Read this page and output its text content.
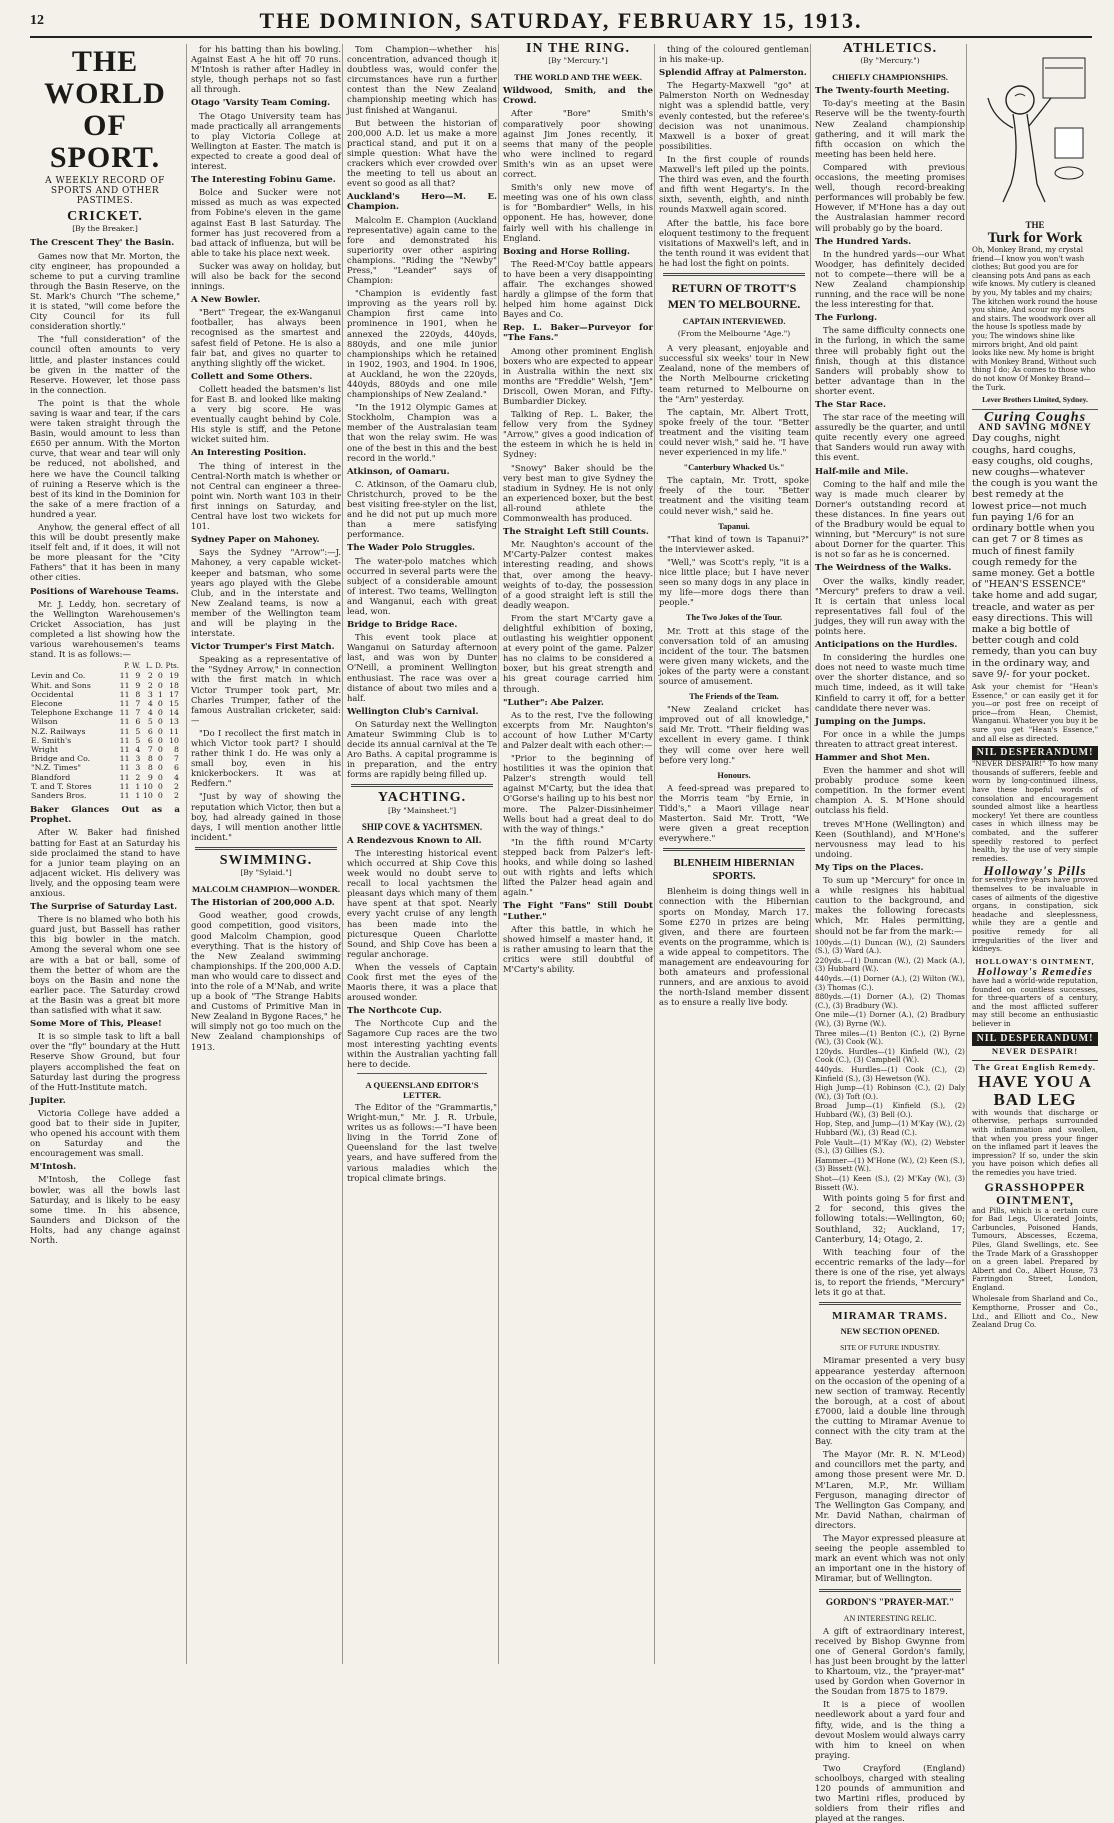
12	THE DOMINION, SATURDAY, FEBRUARY 15, 1913.
THE WORLD OF SPORT.
A WEEKLY RECORD OF SPORTS AND OTHER PASTIMES.
CRICKET.
[By the Breaker.]
The Crescent They' the Basin.

Games now that Mr. Morton, the city engineer, has propounded a scheme to put a curving tramline through the Basin Reserve, on the St. Mark's Church "The scheme," it is stated, "will come before the City Council for its full consideration shortly."

The "full consideration" of the council often amounts to very little, and plaster instances could be given in the matter of the Reserve. However, let those pass in the connection.

The point is that the whole saving is waar and tear, if the cars were taken straight through the Basin, would amount to less than £650 per annum. With the Morton curve, that wear and tear will only be reduced, not abolished, and here we have the Council talking of ruining a Reserve which is the best of its kind in the Dominion for the sake of a mere fraction of a hundred a year.

Anyhow, the general effect of all this will be doubt presently make itself felt and, if it does, it will not be more pleasant for the "City Fathers" that it has been in many other cities.

Positions of Warehouse Teams.

Mr. J. Leddy, hon. secretary of the Wellington Warehousemen's Cricket Association, has just completed a list showing how the various warehousemen's teams stand. It is as follows:—

	P.	W.	L.	D.	Pts.
Levin and Co.	11	9	2	0	19
Whit. and Sons	11	9	2	0	18
Occidental	11	8	3	1	17
Elecone	11	7	4	0	15
Telephone Exchange	11	7	4	0	14
Wilson	11	6	5	0	13
N.Z. Railways	11	5	6	0	11
E. Smith's	11	5	6	0	10
Wright	11	4	7	0	8
Bridge and Co.	11	3	8	0	7
"N.Z. Times"	11	3	8	0	6
Blandford	11	2	9	0	4
T. and T. Stores	11	1	10	0	2
Sanders Bros.	11	1	10	0	2
Baker Glances Out as a Prophet.

After W. Baker had finished batting for East at an Saturday his side proclaimed the stand to have for a junior team playing on an adjacent wicket. His delivery was lively, and the opposing team were anxious.

The Surprise of Saturday Last.

There is no blamed who both his guard just, but Bassell has rather this big bowler in the match. Among the several whom one see are with a bat or ball, some of them the better of whom are the boys on the Basin and none the earlier pace. The Saturday crowd at the Basin was a great bit more than satisfied with what it saw.

Some More of This, Please!

It is so simple task to lift a ball over the "fly" boundary at the Hutt Reserve Show Ground, but four players accomplished the feat on Saturday last during the progress of the Hutt-Institute match.

Jupiter.

Victoria College have added a good bat to their side in Jupiter, who opened his account with them on Saturday and the encouragement was small.

M'Intosh.

M'Intosh, the College fast bowler, was all the bowls last Saturday, and is likely to be easy some time. In his absence, Saunders and Dickson of the Holts, had any change against North.

for his batting than his bowling. Against East A he hit off 70 runs. M'Intosh is rather after Hadley in style, though perhaps not so fast all through.

Otago 'Varsity Team Coming.

The Otago University team has made practically all arrangements to play Victoria College at Wellington at Easter. The match is expected to create a good deal of interest.

The Interesting Fobinu Game.

Bolce and Sucker were not missed as much as was expected from Fobine's eleven in the game against East B last Saturday. The former has just recovered from a bad attack of influenza, but will be able to take his place next week.

Sucker was away on holiday, but will also be back for the second innings.

A New Bowler.

"Bert" Tregear, the ex-Wanganui footballer, has always been recognised as the smartest and safest field of Petone. He is also a fair bat, and gives no quarter to anything slightly off the wicket.

Collett and Some Others.

Collett headed the batsmen's list for East B. and looked like making a very big score. He was eventually caught behind by Cole. His style is stiff, and the Petone wicket suited him.

An Interesting Position.

The thing of interest in the Central-North match is whether or not Central can engineer a three-point win. North want 103 in their first innings on Saturday, and Central have lost two wickets for 101.

Sydney Paper on Mahoney.

Says the Sydney "Arrow":—J. Mahoney, a very capable wicket-keeper and batsman, who some years ago played with the Glebe Club, and in the interstate and New Zealand teams, is now a member of the Wellington team and will be playing in the interstate.

Victor Trumper's First Match.

Speaking as a representative of the "Sydney Arrow," in connection with the first match in which Victor Trumper took part, Mr. Charles Trumper, father of the famous Australian cricketer, said:—

"Do I recollect the first match in which Victor took part? I should rather think I do. He was only a small boy, even in his knickerbockers. It was at Redfern."

"Just by way of showing the reputation which Victor, then but a boy, had already gained in those days, I will mention another little incident."

SWIMMING.
[By "Sylaid."]
MALCOLM CHAMPION—WONDER.
The Historian of 200,000 A.D.

Good weather, good crowds, good competition, good visitors, good Malcolm Champion, good everything. That is the history of the New Zealand swimming championships. If the 200,000 A.D. man who would care to dissect and into the role of a M'Nab, and write up a book of "The Strange Habits and Customs of Primitive Man in New Zealand in Bygone Races," he will simply not go too much on the New Zealand championships of 1913.

Tom Champion—whether his concentration, advanced though it doubtless was, would confer the circumstances have run a further contest than the New Zealand championship meeting which has just finished at Wanganui.

But between the historian of 200,000 A.D. let us make a more practical stand, and put it on a simple question: What have the crackers which ever crowded over the meeting to tell us about an event so good as all that?

Auckland's Hero—M. E. Champion.

Malcolm E. Champion (Auckland representative) again came to the fore and demonstrated his superiority over other aspiring champions. "Riding the "Newby" Press," "Leander" says of Champion:

"Champion is evidently fast improving as the years roll by. Champion first came into prominence in 1901, when he annexed the 220yds, 440yds, 880yds, and one mile junior championships which he retained in 1902, 1903, and 1904. In 1906, at Auckland, he won the 220yds, 440yds, 880yds and one mile championships of New Zealand."

"In the 1912 Olympic Games at Stockholm, Champion was a member of the Australasian team that won the relay swim. He was one of the best in this and the best record in the world."

Atkinson, of Oamaru.

C. Atkinson, of the Oamaru club, Christchurch, proved to be the best visiting free-styler on the list, and he did not put up much more than a mere satisfying performance.

The Wader Polo Struggles.

The water-polo matches which occurred in several parts were the subject of a considerable amount of interest. Two teams, Wellington and Wanganui, each with great lead, won.

Bridge to Bridge Race.

This event took place at Wanganui on Saturday afternoon last, and was won by Dunter O'Neill, a prominent Wellington enthusiast. The race was over a distance of about two miles and a half.

Wellington Club's Carnival.

On Saturday next the Wellington Amateur Swimming Club is to decide its annual carnival at the Te Aro Baths. A capital programme is in preparation, and the entry forms are rapidly being filled up.

YACHTING.
[By "Mainsheet."]
SHIP COVE & YACHTSMEN.
A Rendezvous Known to All.

The interesting historical event which occurred at Ship Cove this week would no doubt serve to recall to local yachtsmen the pleasant days which many of them have spent at that spot. Nearly every yacht cruise of any length has been made into the picturesque Queen Charlotte Sound, and Ship Cove has been a regular anchorage.

When the vessels of Captain Cook first met the eyes of the Maoris there, it was a place that aroused wonder.

The Northcote Cup.

The Northcote Cup and the Sagamore Cup races are the two most interesting yachting events within the Australian yachting fall here to decide.

A QUEENSLAND EDITOR'S LETTER.

The Editor of the "Grammartis," Wright-mun," Mr. J. R. Urbule, writes us as follows:—"I have been living in the Torrid Zone of Queensland for the last twelve years, and have suffered from the various maladies which the tropical climate brings.

IN THE RING.
[By "Mercury."]
THE WORLD AND THE WEEK.
Wildwood, Smith, and the Crowd.

After "Bore" Smith's comparatively poor showing against Jim Jones recently, it seems that many of the people who were inclined to regard Smith's win as an upset were correct.

Smith's only new move of meeting was one of his own class is for "Bombardier" Wells, in his opponent. He has, however, done fairly well with his challenge in England.

Boxing and Horse Rolling.

The Reed-M'Coy battle appears to have been a very disappointing affair. The exchanges showed hardly a glimpse of the form that helped him home against Dick Bayes and Co.

Rep. L. Baker—Purveyor for "The Fans."

Among other prominent English boxers who are expected to appear in Australia within the next six months are "Freddie" Welsh, "Jem" Driscoll, Owen Moran, and Fifty-Bumbardier Dickey.

Talking of Rep. L. Baker, the fellow very from the Sydney "Arrow," gives a good indication of the esteem in which he is held in Sydney:

"Snowy" Baker should be the very best man to give Sydney the stadium in Sydney. He is not only an experienced boxer, but the best all-round athlete the Commonwealth has produced.

The Straight Left Still Counts.

Mr. Naughton's account of the M'Carty-Palzer contest makes interesting reading, and shows that, over among the heavy-weights of to-day, the possession of a good straight left is still the deadly weapon.

From the start M'Carty gave a delightful exhibition of boxing, outlasting his weightier opponent at every point of the game. Palzer has no claims to be considered a boxer, but his great strength and his great courage carried him through.

"Luther": Abe Palzer.

As to the rest, I've the following excerpts from Mr. Naughton's account of how Luther M'Carty and Palzer dealt with each other:—

"Prior to the beginning of hostilities it was the opinion that Palzer's strength would tell against M'Carty, but the idea that O'Gorse's hailing up to his best nor more. The Palzer-Dissinheimer Wells bout had a great deal to do with the way of things."

"In the fifth round M'Carty stepped back from Palzer's left-hooks, and while doing so lashed out with rights and lefts which lifted the Palzer head again and again."

The Fight "Fans" Still Doubt "Luther."

After this battle, in which he showed himself a master hand, it is rather amusing to learn that the critics were still doubtful of M'Carty's ability.

thing of the coloured gentleman in his make-up.

Splendid Affray at Palmerston.

The Hegarty-Maxwell "go" at Palmerston North on Wednesday night was a splendid battle, very evenly contested, but the referee's decision was not unanimous. Maxwell is a boxer of great possibilities.

In the first couple of rounds Maxwell's left piled up the points. The third was even, and the fourth and fifth went Hegarty's. In the sixth, seventh, eighth, and ninth rounds Maxwell again scored.

After the battle, his face bore eloquent testimony to the frequent visitations of Maxwell's left, and in the tenth round it was evident that he had lost the fight on points.

RETURN OF TROTT'S
MEN TO MELBOURNE.
CAPTAIN INTERVIEWED.
(From the Melbourne "Age.")

A very pleasant, enjoyable and successful six weeks' tour in New Zealand, none of the members of the North Melbourne cricketing team returned to Melbourne on the "Arn" yesterday.

The captain, Mr. Albert Trott, spoke freely of the tour. "Better treatment and the visiting team could never wish," said he. "I have never experienced in my life."

"Canterbury Whacked Us."

The captain, Mr. Trott, spoke freely of the tour. "Better treatment and the visiting team could never wish," said he.

Tapanui.

"That kind of town is Tapanui?" the interviewer asked.

"Well," was Scott's reply, "it is a nice little place; but I have never seen so many dogs in any place in my life—more dogs there than people."

The Two Jokes of the Tour.

Mr. Trott at this stage of the conversation told of an amusing incident of the tour. The batsmen were given many wickets, and the jokes of the party were a constant source of amusement.

The Friends of the Team.

"New Zealand cricket has improved out of all knowledge," said Mr. Trott. "Their fielding was excellent in every game. I think they will come over here well before very long."

Honours.

A feed-spread was prepared to the Morris team "by Ernie, in Tidd's," a Maori village near Masterton. Said Mr. Trott, "We were given a great reception everywhere."

BLENHEIM HIBERNIAN SPORTS.

Blenheim is doing things well in connection with the Hibernian sports on Monday, March 17. Some £270 in prizes are being given, and there are fourteen events on the programme, which is a wide appeal to competitors. The management are endeavouring for both amateurs and professional runners, and are anxious to avoid the north-Island member dissent as to ensure a really live body.

ATHLETICS.
(By "Mercury.")
CHIEFLY CHAMPIONSHIPS.
The Twenty-fourth Meeting.

To-day's meeting at the Basin Reserve will be the twenty-fourth New Zealand championship gathering, and it will mark the fifth occasion on which the meeting has been held here.

Compared with previous occasions, the meeting promises well, though record-breaking performances will probably be few. However, if M'Hone has a day out the Australasian hammer record will probably go by the board.

The Hundred Yards.

In the hundred yards—our What Woodger, has definitely decided not to compete—there will be a New Zealand championship running, and the race will be none the less interesting for that.

The Furlong.

The same difficulty connects one in the furlong, in which the same three will probably fight out the finish, though at this distance Sanders will probably show to better advantage than in the shorter event.

The Star Race.

The star race of the meeting will assuredly be the quarter, and until quite recently every one agreed that Sanders would run away with this event.

Half-mile and Mile.

Coming to the half and mile the way is made much clearer by Dorner's outstanding record at these distances. In fine years out of the Bradbury would be equal to winning, but "Mercury" is not sure about Dorner for the quarter. This is not so far as he is concerned.

The Weirdness of the Walks.

Over the walks, kindly reader, "Mercury" prefers to draw a veil. It is certain that unless local representatives fall foul of the judges, they will run away with the points here.

Anticipations on the Hurdles.

In considering the hurdles one does not need to waste much time over the shorter distance, and so much time, indeed, as it will take Kinfield to carry it off, for a better candidate there never was.

Jumping on the Jumps.

For once in a while the jumps threaten to attract great interest.

Hammer and Shot Men.

Even the hammer and shot will probably produce some keen competition. In the former event champion A. S. M'Hone should outclass his field.

treves M'Hone (Wellington) and Keen (Southland), and M'Hone's nervousness may lead to his undoing.

My Tips on the Places.

To sum up "Mercury" for once in a while resignes his habitual caution to the background, and makes the following forecasts which, Mr. Hales permitting, should not be far from the mark:—

100yds.—(1) Duncan (W.), (2) Saunders (S.), (3) Ward (A.).

220yds.—(1) Duncan (W.), (2) Mack (A.), (3) Hubbard (W.).

440yds.—(1) Dorner (A.), (2) Wilton (W.), (3) Thomas (C.).

880yds.—(1) Dorner (A.), (2) Thomas (C.), (3) Bradbury (W.).

One mile—(1) Dorner (A.), (2) Bradbury (W.), (3) Byrne (W.).

Three miles—(1) Benton (C.), (2) Byrne (W.), (3) Cook (W.).

120yds. Hurdles—(1) Kinfield (W.), (2) Cook (C.), (3) Campbell (W.).

440yds. Hurdles—(1) Cook (C.), (2) Kinfield (S.), (3) Hewetson (W.).

High Jump—(1) Robinson (C.), (2) Daly (W.), (3) Toft (O.).

Broad Jump—(1) Kinfield (S.), (2) Hubbard (W.), (3) Bell (O.).

Hop, Step, and Jump—(1) M'Kay (W.), (2) Hubbard (W.), (3) Read (C.).

Pole Vault—(1) M'Kay (W.), (2) Webster (S.), (3) Gillies (S.).

Hammer—(1) M'Hone (W.), (2) Keen (S.), (3) Bissett (W.).

Shot—(1) Keen (S.), (2) M'Kay (W.), (3) Bissett (W.).

With points going 5 for first and 2 for second, this gives the following totals:—Wellington, 60; Southland, 32; Auckland, 17; Canterbury, 14; Otago, 2.

With teaching four of the eccentric remarks of the lady—for there is one of the rise, yet always is, to report the friends, "Mercury" lets it go at that.

MIRAMAR TRAMS.
NEW SECTION OPENED.
SITE OF FUTURE INDUSTRY.

Miramar presented a very busy appearance yesterday afternoon on the occasion of the opening of a new section of tramway. Recently the borough, at a cost of about £7000, laid a double line through the cutting to Miramar Avenue to connect with the city tram at the Bay.

The Mayor (Mr. R. N. M'Leod) and councillors met the party, and among those present were Mr. D. M'Laren, M.P., Mr. William Ferguson, managing director of The Wellington Gas Company, and Mr. David Nathan, chairman of directors.

The Mayor expressed pleasure at seeing the people assembled to mark an event which was not only an important one in the history of Miramar, but of Wellington.

GORDON'S "PRAYER-MAT."
AN INTERESTING RELIC.

A gift of extraordinary interest, received by Bishop Gwynne from one of General Gordon's family, has just been brought by the latter to Khartoum, viz., the "prayer-mat" used by Gordon when Governor in the Soudan from 1875 to 1879.

It is a piece of woollen needlework about a yard four and fifty, wide, and is the thing a devout Moslem would always carry with him to kneel on when praying.

Two Crayford (England) schoolboys, charged with stealing 120 pounds of ammunition and two Martini rifles, produced by soldiers from their rifles and played at the ranges.

THE
Turk for Work

Oh, Monkey Brand, my crystal friend—I know you won't wash clothes; But good you are for cleansing pots And pans as each wife knows. My cutlery is cleaned by you, My tables and my chairs; The kitchen work round the house you shine, And scour my floors and stairs. The woodwork over all the house Is spotless made by you; The windows shine like mirrors bright, And old paint looks like new. My home is bright with Monkey Brand, Without such thing I do; As comes to those who do not know Of Monkey Brand—the Turk.

Lever Brothers Limited, Sydney.
Curing Coughs
AND SAVING MONEY

Day coughs, night coughs, hard coughs, easy coughs, old coughs, new coughs—whatever the cough is you want the best remedy at the lowest price—not much fun paying 1/6 for an ordinary bottle when you can get 7 or 8 times as much of finest family cough remedy for the same money. Get a bottle of "HEAN'S ESSENCE" take home and add sugar, treacle, and water as per easy directions. This will make a big bottle of better cough and cold remedy, than you can buy in the ordinary way, and save 9/- for your pocket.

Ask your chemist for "Hean's Essence," or can easily get it for you—or post free on receipt of price—from Hean, Chemist, Wanganui. Whatever you buy it be sure you get "Hean's Essence," and all else as directed.

NIL DESPERANDUM!

"NEVER DESPAIR!" To how many thousands of sufferers, feeble and worn by long-continued illness, have these hopeful words of consolation and encouragement sounded almost like a heartless mockery! Yet there are countless cases in which illness may be combated, and the sufferer speedily restored to perfect health, by the use of very simple remedies.

Holloway's Pills

for seventy-five years have proved themselves to be invaluable in cases of ailments of the digestive organs, in constipation, sick headache and sleeplessness, while they are a gentle and positive remedy for all irregularities of the liver and kidneys.

HOLLOWAY'S OINTMENT,
Holloway's Remedies

have had a world-wide reputation, founded on countless successes, for three-quarters of a century, and the most afflicted sufferer may still become an enthusiastic believer in

NIL DESPERANDUM!
NEVER DESPAIR!
The Great English Remedy.
HAVE YOU A BAD LEG

with wounds that discharge or otherwise, perhaps surrounded with inflammation and swollen, that when you press your finger on the inflamed part it leaves the impression? If so, under the skin you have poison which defies all the remedies you have tried.

GRASSHOPPER OINTMENT,

and Pills, which is a certain cure for Bad Legs, Ulcerated Joints, Carbuncles, Poisoned Hands, Tumours, Abscesses, Eczema, Piles, Gland Swellings, etc. See the Trade Mark of a Grasshopper on a green label. Prepared by Albert and Co., Albert House, 73 Farringdon Street, London, England.

Wholesale from Sharland and Co., Kempthorne, Prosser and Co., Ltd., and Elliott and Co., New Zealand Drug Co.
